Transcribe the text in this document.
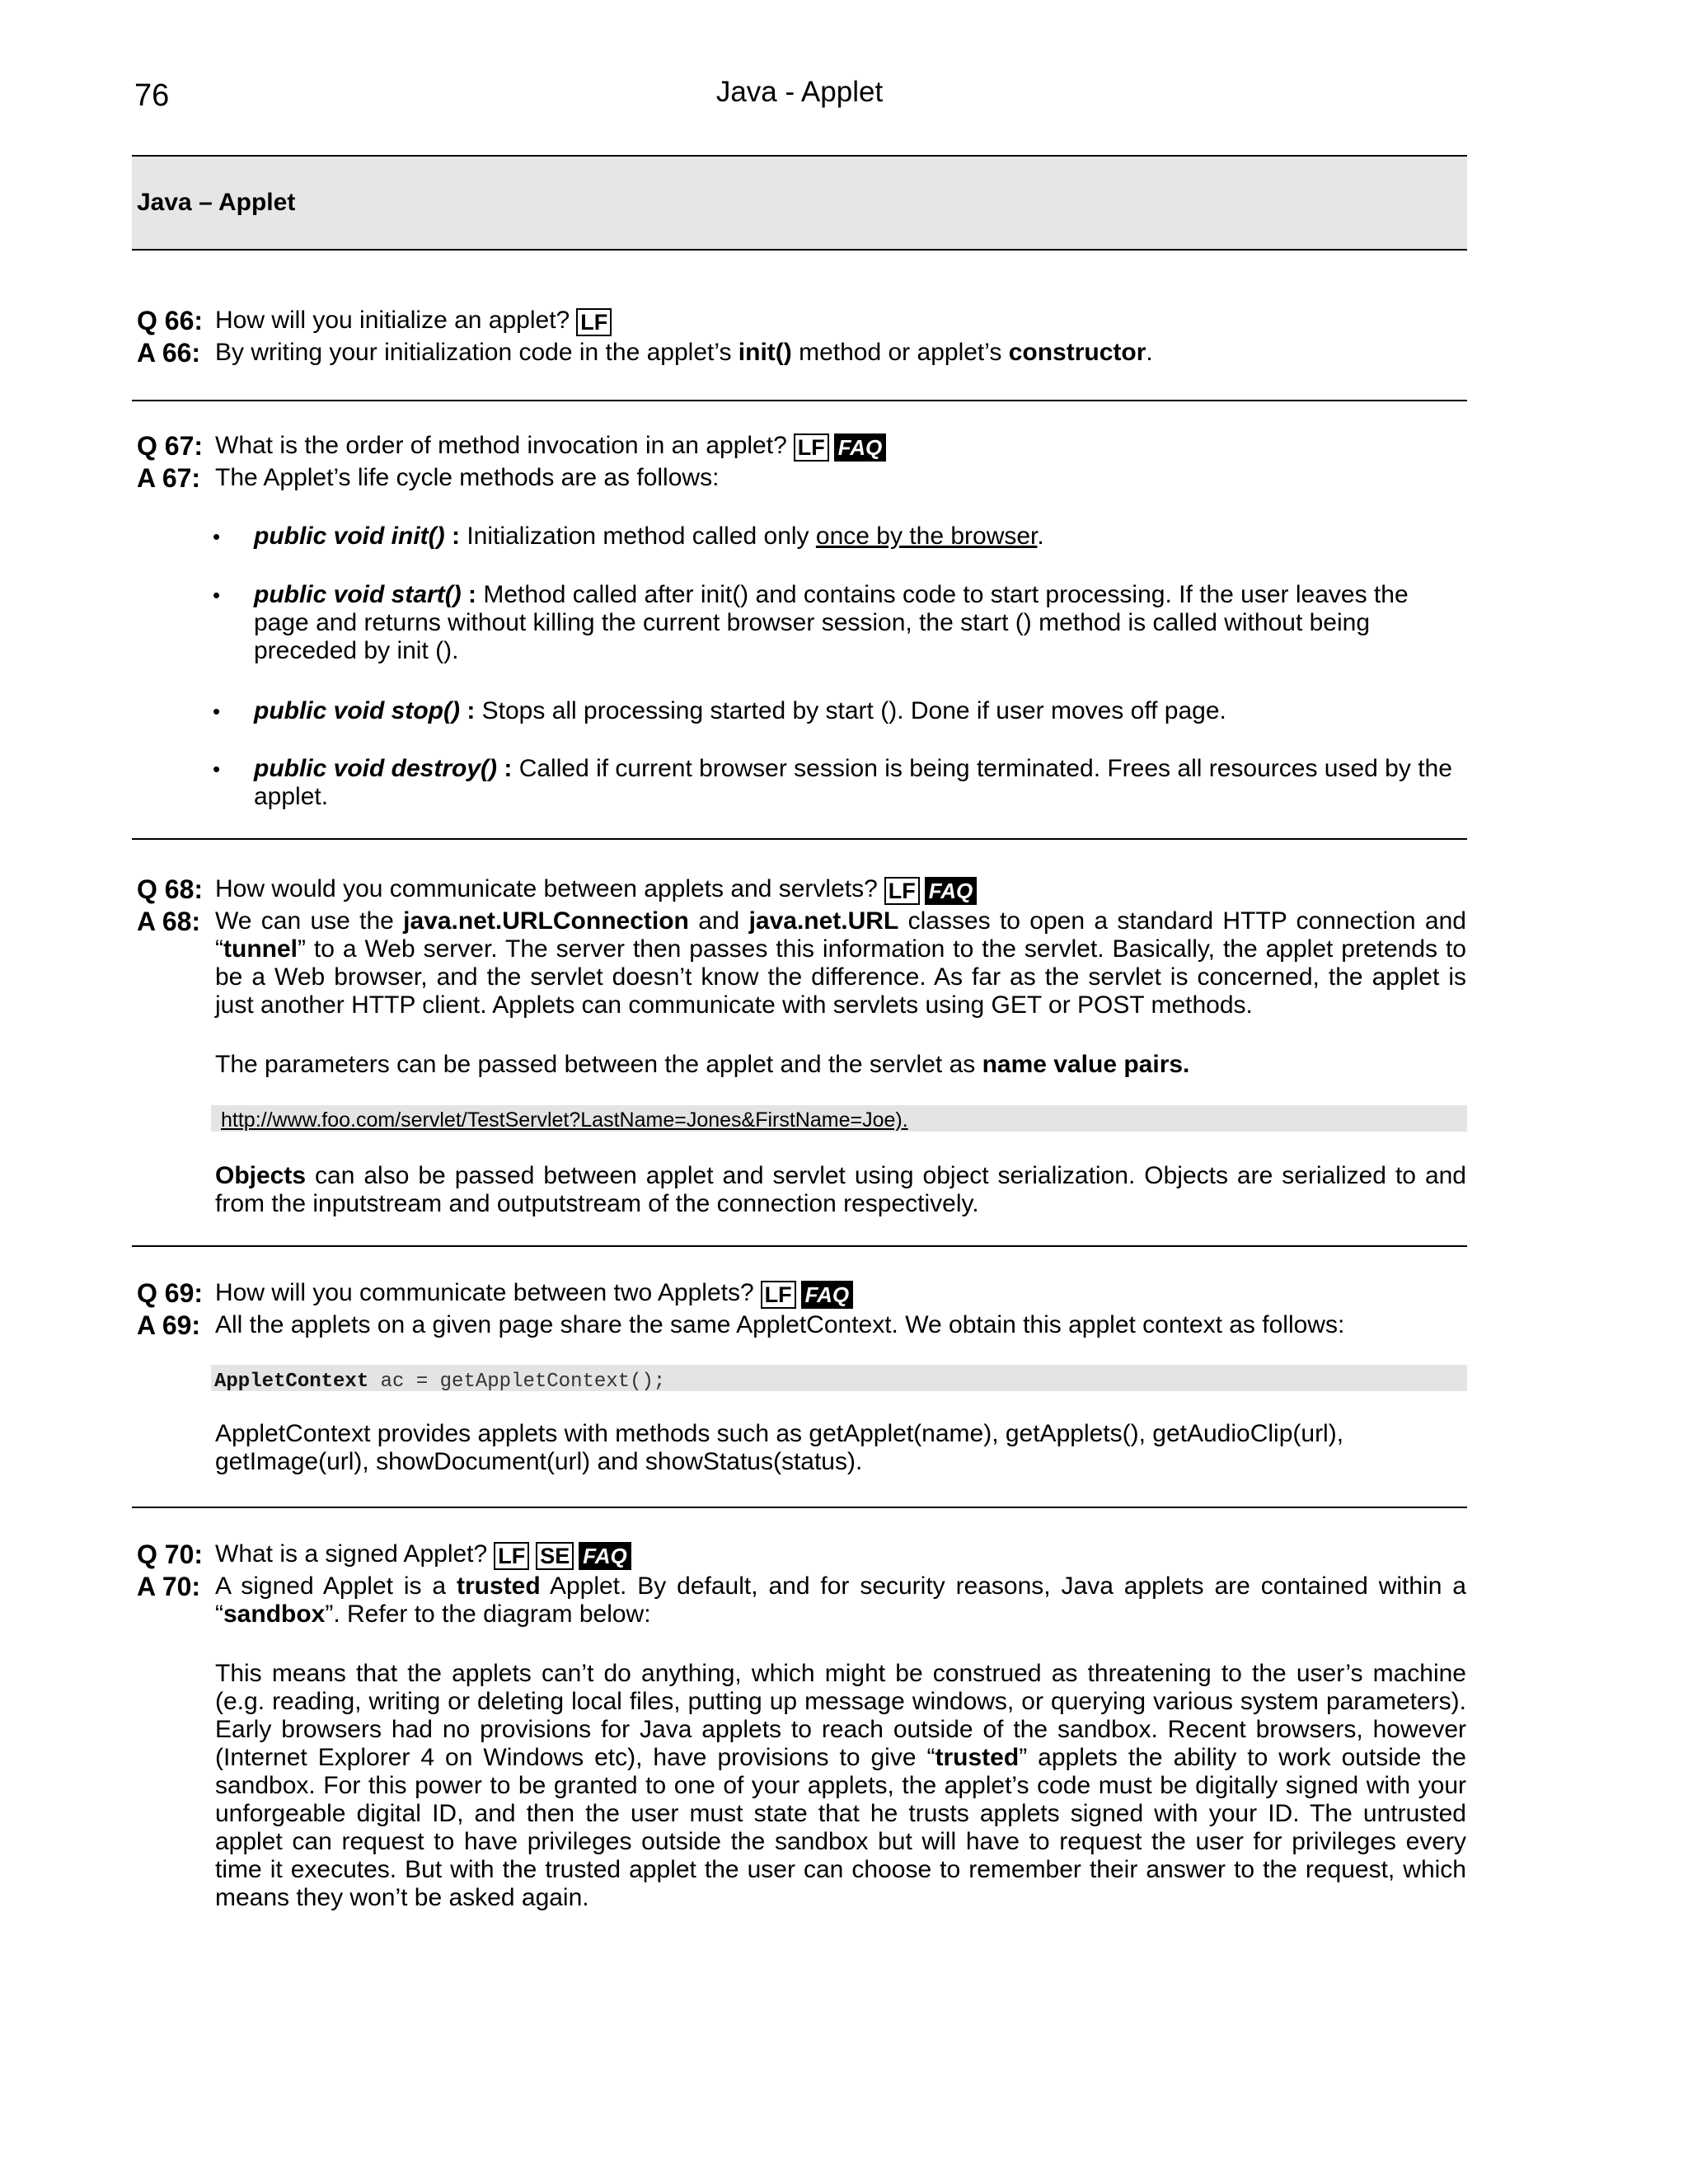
76	Java - Applet
Java – Applet
Q 66: How will you initialize an applet? LF
A 66: By writing your initialization code in the applet’s init() method or applet’s constructor.
Q 67: What is the order of method invocation in an applet? LF FAQ
A 67: The Applet’s life cycle methods are as follows:
• public void init() : Initialization method called only once by the browser.
• public void start() : Method called after init() and contains code to start processing. If the user leaves the
page and returns without killing the current browser session, the start () method is called without being
preceded by init ().
• public void stop() : Stops all processing started by start (). Done if user moves off page.
• public void destroy() : Called if current browser session is being terminated. Frees all resources used by the
applet.
Q 68: How would you communicate between applets and servlets? LF FAQ
A 68: We can use the java.net.URLConnection and java.net.URL classes to open a standard HTTP connection and “tunnel” to a Web server. The server then passes this information to the servlet. Basically, the applet pretends to be a Web browser, and the servlet doesn’t know the difference. As far as the servlet is concerned, the applet is just another HTTP client. Applets can communicate with servlets using GET or POST methods.
The parameters can be passed between the applet and the servlet as name value pairs.
http://www.foo.com/servlet/TestServlet?LastName=Jones&FirstName=Joe).
Objects can also be passed between applet and servlet using object serialization. Objects are serialized to and from the inputstream and outputstream of the connection respectively.
Q 69: How will you communicate between two Applets? LF FAQ
A 69: All the applets on a given page share the same AppletContext. We obtain this applet context as follows:
AppletContext ac = getAppletContext();
AppletContext provides applets with methods such as getApplet(name), getApplets(), getAudioClip(url),
getImage(url), showDocument(url) and showStatus(status).
Q 70: What is a signed Applet? LF SE FAQ
A 70: A signed Applet is a trusted Applet. By default, and for security reasons, Java applets are contained within a “sandbox”. Refer to the diagram below:
This means that the applets can’t do anything, which might be construed as threatening to the user’s machine (e.g. reading, writing or deleting local files, putting up message windows, or querying various system parameters). Early browsers had no provisions for Java applets to reach outside of the sandbox. Recent browsers, however (Internet Explorer 4 on Windows etc), have provisions to give “trusted” applets the ability to work outside the sandbox. For this power to be granted to one of your applets, the applet’s code must be digitally signed with your unforgeable digital ID, and then the user must state that he trusts applets signed with your ID. The untrusted applet can request to have privileges outside the sandbox but will have to request the user for privileges every time it executes. But with the trusted applet the user can choose to remember their answer to the request, which means they won’t be asked again.
